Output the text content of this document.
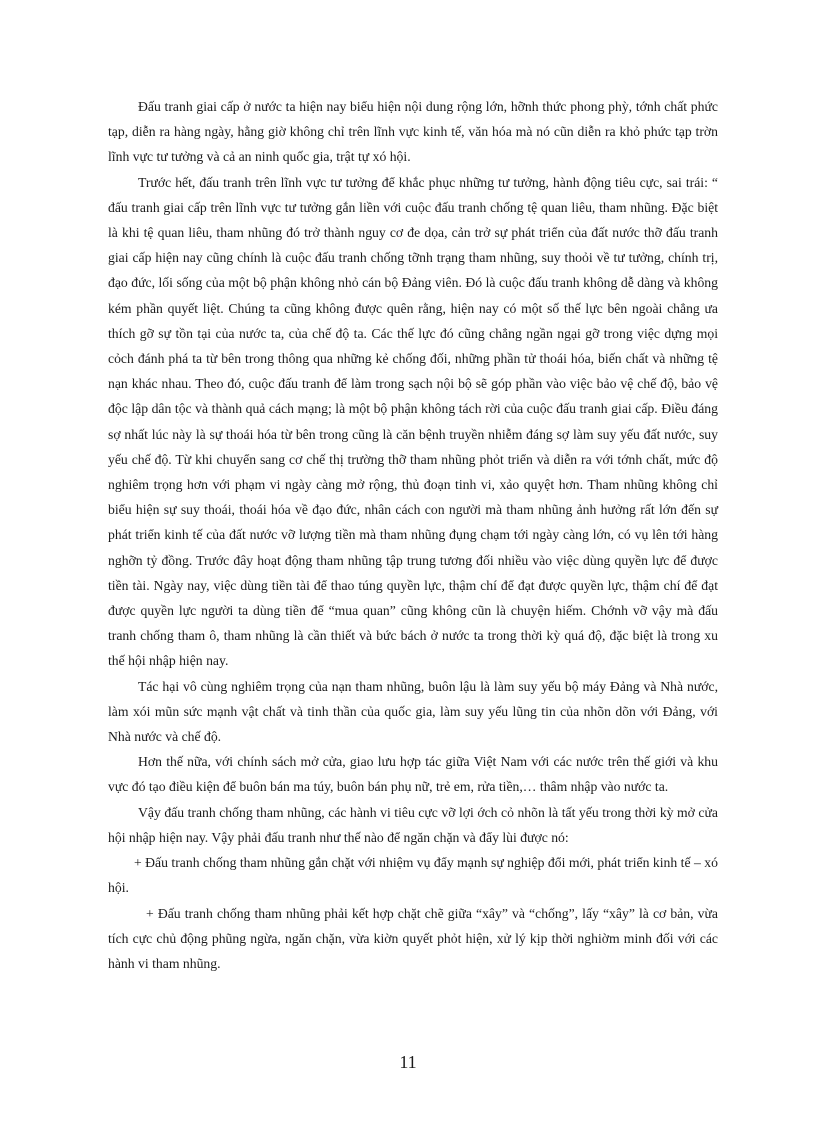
Đấu tranh giai cấp ở nước ta hiện nay biểu hiện nội dung rộng lớn, hỡnh thức phong phỳ, tớnh chất phức tạp, diễn ra hàng ngày, hằng giờ không chỉ trên lĩnh vực kinh tế, văn hóa mà nó cũn diễn ra khỏ phức tạp trờn lĩnh vực tư tưởng và cả an ninh quốc gia, trật tự xó hội.

Trước hết, đấu tranh trên lĩnh vực tư tưởng để khắc phục những tư tưởng, hành động tiêu cực, sai trái: “ đấu tranh giai cấp trên lĩnh vực tư tưởng gắn liền với cuộc đấu tranh chống tệ quan liêu, tham nhũng. Đặc biệt là khi tệ quan liêu, tham nhũng đó trở thành nguy cơ đe dọa, cản trở sự phát triển của đất nước thỡ đấu tranh giai cấp hiện nay cũng chính là cuộc đấu tranh chống tỡnh trạng tham nhũng, suy thoỏi về tư tưởng, chính trị, đạo đức, lối sống của một bộ phận không nhỏ cán bộ Đảng viên. Đó là cuộc đấu tranh không dễ dàng và không kém phần quyết liệt. Chúng ta cũng không được quên rằng, hiện nay có một số thế lực bên ngoài chẳng ưa thích gỡ sự tồn tại của nước ta, của chế độ ta. Các thế lực đó cũng chẳng ngần ngại gỡ trong việc dựng mọi cỏch đánh phá ta từ bên trong thông qua những kẻ chống đối, những phần tử thoái hóa, biến chất và những tệ nạn khác nhau. Theo đó, cuộc đấu tranh để làm trong sạch nội bộ sẽ góp phần vào việc bảo vệ chế độ, bảo vệ độc lập dân tộc và thành quả cách mạng; là một bộ phận không tách rời của cuộc đấu tranh giai cấp. Điều đáng sợ nhất lúc này là sự thoái hóa từ bên trong cũng là căn bệnh truyền nhiễm đáng sợ làm suy yếu đất nước, suy yếu chế độ. Từ khi chuyển sang cơ chế thị trường thỡ tham nhũng phỏt triển và diễn ra với tớnh chất, mức độ nghiêm trọng hơn với phạm vi ngày càng mở rộng, thủ đoạn tinh vi, xảo quyệt hơn. Tham nhũng không chỉ biểu hiện sự suy thoái, thoái hóa về đạo đức, nhân cách con người mà tham nhũng ảnh hưởng rất lớn đến sự phát triển kinh tế của đất nước vỡ lượng tiền mà tham nhũng đụng chạm tới ngày càng lớn, có vụ lên tới hàng nghỡn tỷ đồng. Trước đây hoạt động tham nhũng tập trung tương đối nhiều vào việc dùng quyền lực để được tiền tài. Ngày nay, việc dùng tiền tài để thao túng quyền lực, thậm chí để đạt được quyền lực, thậm chí để đạt được quyền lực người ta dùng tiền để “mua quan” cũng không cũn là chuyện hiếm. Chớnh vỡ vậy mà đấu tranh chống tham ô, tham nhũng là cần thiết và bức bách ở nước ta trong thời kỳ quá độ, đặc biệt là trong xu thế hội nhập hiện nay.

Tác hại vô cùng nghiêm trọng của nạn tham nhũng, buôn lậu là làm suy yếu bộ máy Đảng và Nhà nước, làm xói mũn sức mạnh vật chất và tinh thần của quốc gia, làm suy yếu lũng tin của nhõn dõn với Đảng, với Nhà nước và chế độ.

Hơn thế nữa, với chính sách mở cửa, giao lưu hợp tác giữa Việt Nam với các nước trên thế giới và khu vực đó tạo điều kiện để buôn bán ma túy, buôn bán phụ nữ, trẻ em, rửa tiền,… thâm nhập vào nước ta.

Vậy đấu tranh chống tham nhũng, các hành vi tiêu cực vỡ lợi ớch cỏ nhõn là tất yếu trong thời kỳ mở cửa hội nhập hiện nay. Vậy phải đấu tranh như thế nào để ngăn chặn và đẩy lùi được nó:

+ Đấu tranh chống tham nhũng gắn chặt với nhiệm vụ đẩy mạnh sự nghiệp đổi mới, phát triển kinh tế – xó hội.

+ Đấu tranh chống tham nhũng phải kết hợp chặt chẽ giữa “xây” và “chống”, lấy “xây” là cơ bản, vừa tích cực chủ động phũng ngừa, ngăn chặn, vừa kiờn quyết phỏt hiện, xử lý kịp thời nghiờm minh đối với các hành vi tham nhũng.

11
